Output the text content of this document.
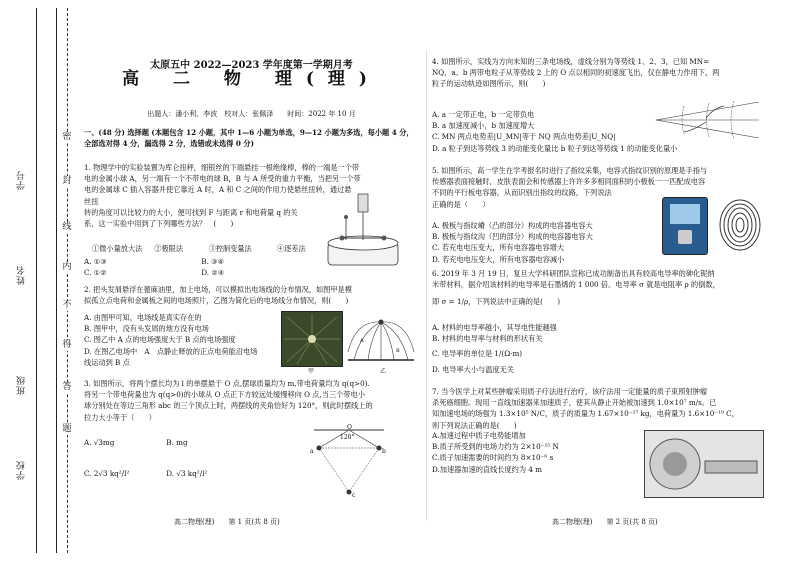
学号
姓名
班级
学校
密
封
线
内
不
得
答
题
太原五中 2022—2023 学年度第一学期月考
高 二 物 理(理)
出题人：潘小利、李波　校对人：张佩泽　　时间：2022 年 10 月
一、(48 分) 选择题 (本题包含 12 小题，其中 1—6 小题为单选，9—12 小题为多选，每小题 4 分，全部选对得 4 分，漏选得 2 分，选错或未选得 0 分)
1. 物理学中的实验装置为库仑扭秤，细银丝的下端悬挂一根绝缘棒，棒的一端是一个带
电的金属小球 A，另一端有一个不带电的球 B，B 与 A 所受的重力平衡，当把另一个带
电的金属球 C 插入容器并使它靠近 A 时，A 和 C 之间的作用力使悬丝扭转，通过悬丝扭
转的角度可以比较力的大小，便可找到 F 与距离 r 和电荷量 q 的关
系，这一实验中用到了下列哪些方法？　(　　)
①微小量放大法 ②极限法	③控制变量法	④逐差法
A. ①③	B. ③④
C. ①②	D. ②④
2. 把头发屑悬浮在蓖麻油里，加上电场，可以模拟出电场线的分布情况，如图甲是模
拟孤立点电荷和金属板之间的电场照片，乙图为简化后的电场线分布情况，则(　　)
A. 由图甲可知，电场线是真实存在的
B. 图甲中，没有头发屑的地方没有电场
C. 图乙中 A 点的电场强度大于 B 点的电场强度
D. 在图乙电场中　A　点静止释放的正点电荷能沿电场
线运动到 B 点
甲
A
B
乙
3. 如图所示，将两个摆长均为 l 的单摆悬于 O 点,摆球质量均为 m,带电荷量均为 q(q>0).
将另一个带电荷量也为 q(q>0)的小球从 O 点正下方较远处缓慢移向 O 点,当三个带电小
球分别处在等边三角形 abc 的三个顶点上时，两摆线的夹角恰好为 120°，则此时摆线上的
拉力大小等于（　　）
O
120°
a	b
c
A. √3mg	B. mg
C. 2√3 kq²/l²	D. √3 kq²/l²
高二物理(理)　　第 1 页(共 8 页)
4. 如图所示，实线为方向未知的三条电场线，虚线分别为等势线 1、2、3，已知 MN=
NQ，a、b 两带电粒子从等势线 2 上的 O 点以相同的初速度飞出，仅在静电力作用下，两
粒子的运动轨迹如图所示，则(　　)
A. a 一定带正电，b 一定带负电
B. a 加速度减小，b 加速度增大
C. MN 两点电势差|U_MN|等于 NQ 两点电势差|U_NQ|
D. a 粒子到达等势线 3 的动能变化量比 b 粒子到达等势线 1 的动能变化量小
5. 如图所示，高一学生在学考报名时进行了指纹采集，电容式指纹识别的原理是手指与
传感器表面接触时，皮肤表面会和传感器上许许多多相同面积的小极板一一匹配成电容
不同的平行板电容器，从而识别出指纹的纹路，下列说法
正确的是（　　）
A. 极板与指纹嵴（凸的部分）构成的电容器电容大
B. 极板与指纹沟（凹的部分）构成的电容器电容大
C. 若充电电压变大，所有电容器电容增大
D. 若充电电压变大，所有电容器电容减小
6. 2019 年 3 月 19 日，复旦大学科研团队宣称已成功制备出具有较高电导率的砷化铌纳
米带材料，据介绍该材料的电导率是石墨烯的 1 000 倍。电导率 σ 就是电阻率 ρ 的倒数，
即 σ = 1/ρ，下列说法中正确的是(　　)
A. 材料的电导率越小，其导电性能越强
B. 材料的电导率与材料的形状有关
C. 电导率的单位是 1/(Ω·m)
D. 电导率大小与温度无关
7. 当今医学上对某些肿瘤采用质子疗法进行治疗，该疗法用一定能量的质子束照射肿瘤
杀死癌细胞。现用一直线加速器来加速质子，使其从静止开始被加速到 1.0×10⁷ m/s。已
知加速电场的场强为 1.3×10⁵ N/C，质子的质量为 1.67×10⁻²⁷ kg，电荷量为 1.6×10⁻¹⁹ C，
则下列说法正确的是(　　)
A.加速过程中质子电势能增加
B.质子所受到的电场力约为 2×10⁻¹⁵ N
C.质子加速需要的时间约为 8×10⁻⁶ s
D.加速器加速的直线长度约为 4 m
高二物理(理)　　第 2 页(共 8 页)
